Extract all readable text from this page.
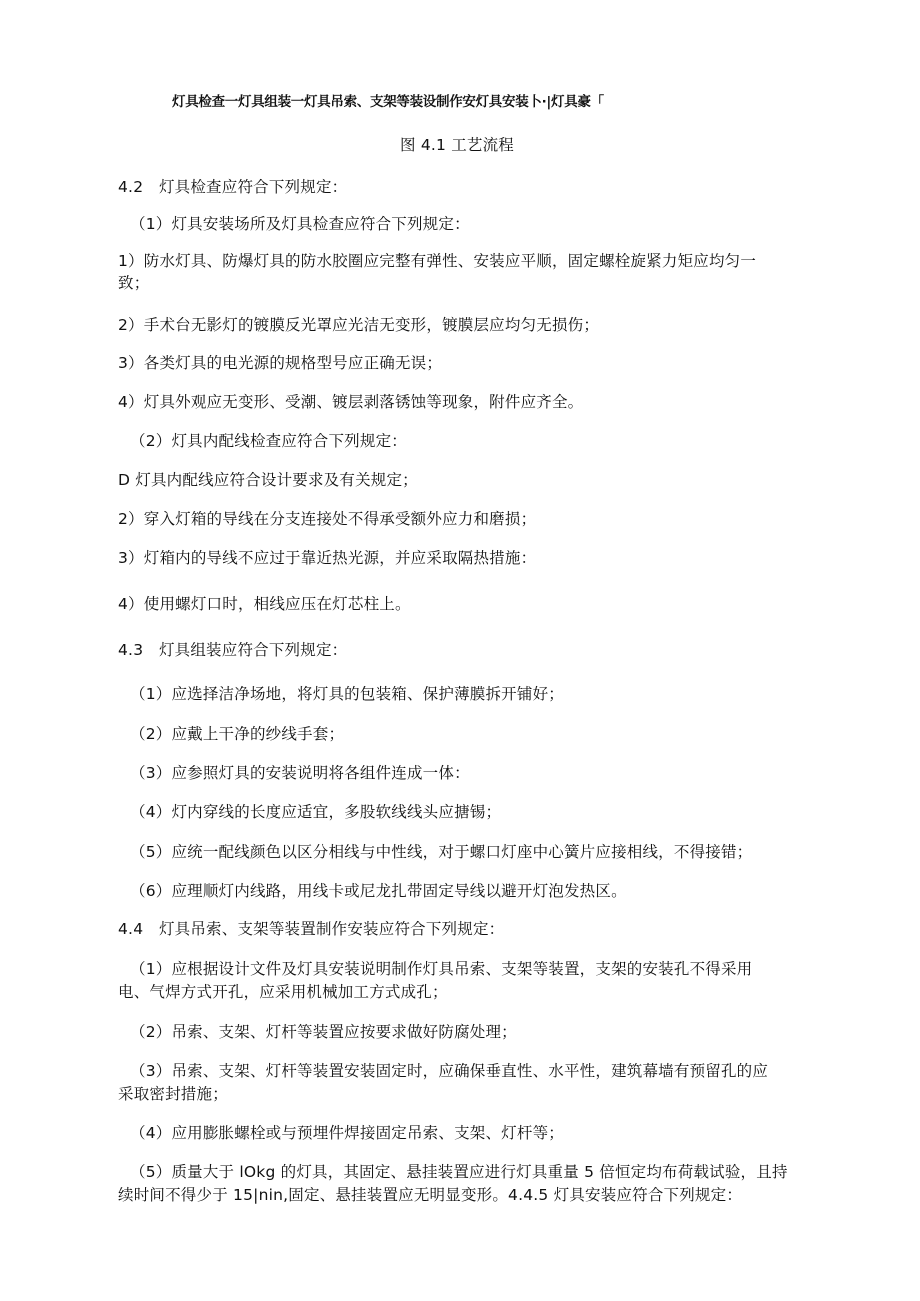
灯具检查一灯具组装一灯具吊索、支架等装设制作安灯具安装卜·|灯具豪「
图 4.1 工艺流程
4.2　灯具检查应符合下列规定：
（1）灯具安装场所及灯具检查应符合下列规定：
1）防水灯具、防爆灯具的防水胶圈应完整有弹性、安装应平顺，固定螺栓旋紧力矩应均匀一
致；
2）手术台无影灯的镀膜反光罩应光洁无变形，镀膜层应均匀无损伤；
3）各类灯具的电光源的规格型号应正确无误；
4）灯具外观应无变形、受潮、镀层剥落锈蚀等现象，附件应齐全。
（2）灯具内配线检查应符合下列规定：
D 灯具内配线应符合设计要求及有关规定；
2）穿入灯箱的导线在分支连接处不得承受额外应力和磨损；
3）灯箱内的导线不应过于靠近热光源，并应采取隔热措施：
4）使用螺灯口时，相线应压在灯芯柱上。
4.3　灯具组装应符合下列规定：
（1）应选择洁净场地，将灯具的包装箱、保护薄膜拆开铺好；
（2）应戴上干净的纱线手套；
（3）应参照灯具的安装说明将各组件连成一体：
（4）灯内穿线的长度应适宜，多股软线线头应搪锡；
（5）应统一配线颜色以区分相线与中性线，对于螺口灯座中心簧片应接相线，不得接错；
（6）应理顺灯内线路，用线卡或尼龙扎带固定导线以避开灯泡发热区。
4.4　灯具吊索、支架等装置制作安装应符合下列规定：
（1）应根据设计文件及灯具安装说明制作灯具吊索、支架等装置，支架的安装孔不得采用
电、气焊方式开孔，应采用机械加工方式成孔；
（2）吊索、支架、灯杆等装置应按要求做好防腐处理；
（3）吊索、支架、灯杆等装置安装固定时，应确保垂直性、水平性，建筑幕墙有预留孔的应
采取密封措施；
（4）应用膨胀螺栓或与预埋件焊接固定吊索、支架、灯杆等；
（5）质量大于 lOkg 的灯具，其固定、悬挂装置应进行灯具重量 5 倍恒定均布荷载试验，且持
续时间不得少于 15|nin,固定、悬挂装置应无明显变形。4.4.5 灯具安装应符合下列规定：
